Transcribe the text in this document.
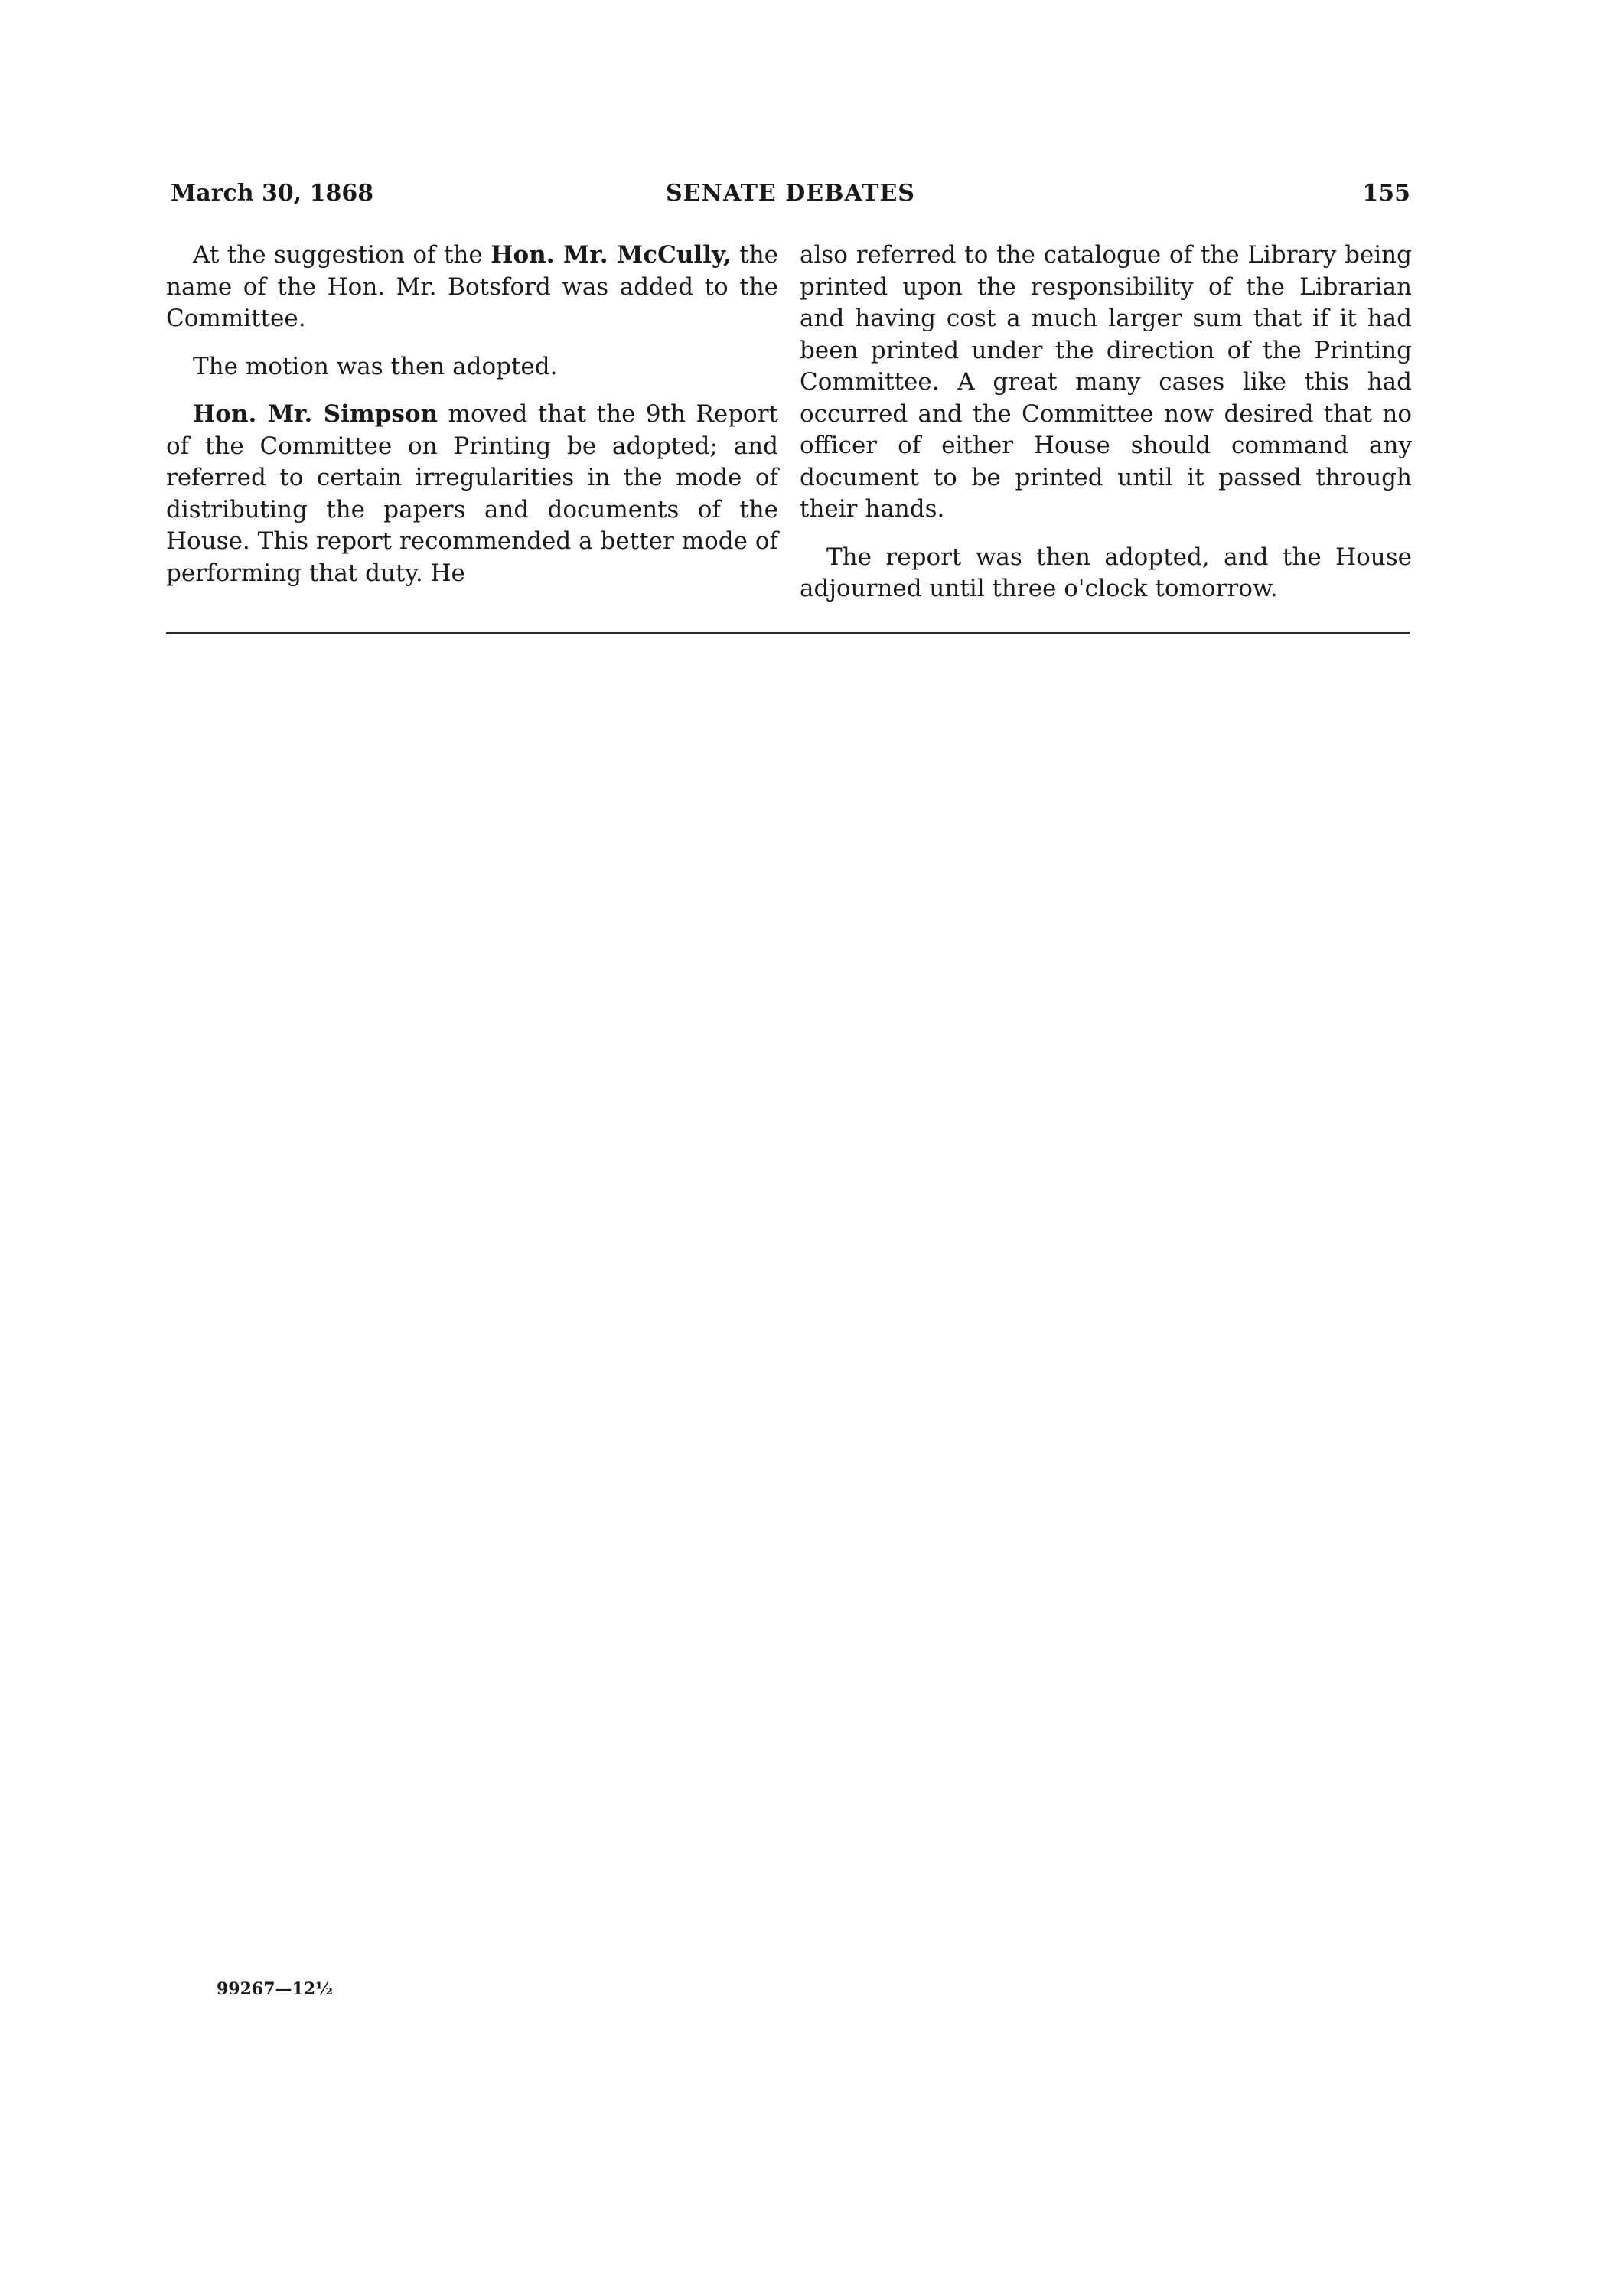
March 30, 1868	SENATE DEBATES	155

At the suggestion of the Hon. Mr. McCully, the name of the Hon. Mr. Botsford was added to the Committee.

The motion was then adopted.

Hon. Mr. Simpson moved that the 9th Report of the Committee on Printing be adopted; and referred to certain irregularities in the mode of distributing the papers and documents of the House. This report recommended a better mode of performing that duty. He

also referred to the catalogue of the Library being printed upon the responsibility of the Librarian and having cost a much larger sum that if it had been printed under the direction of the Printing Committee. A great many cases like this had occurred and the Committee now desired that no officer of either House should command any document to be printed until it passed through their hands.

The report was then adopted, and the House adjourned until three o'clock tomorrow.

99267—12½
